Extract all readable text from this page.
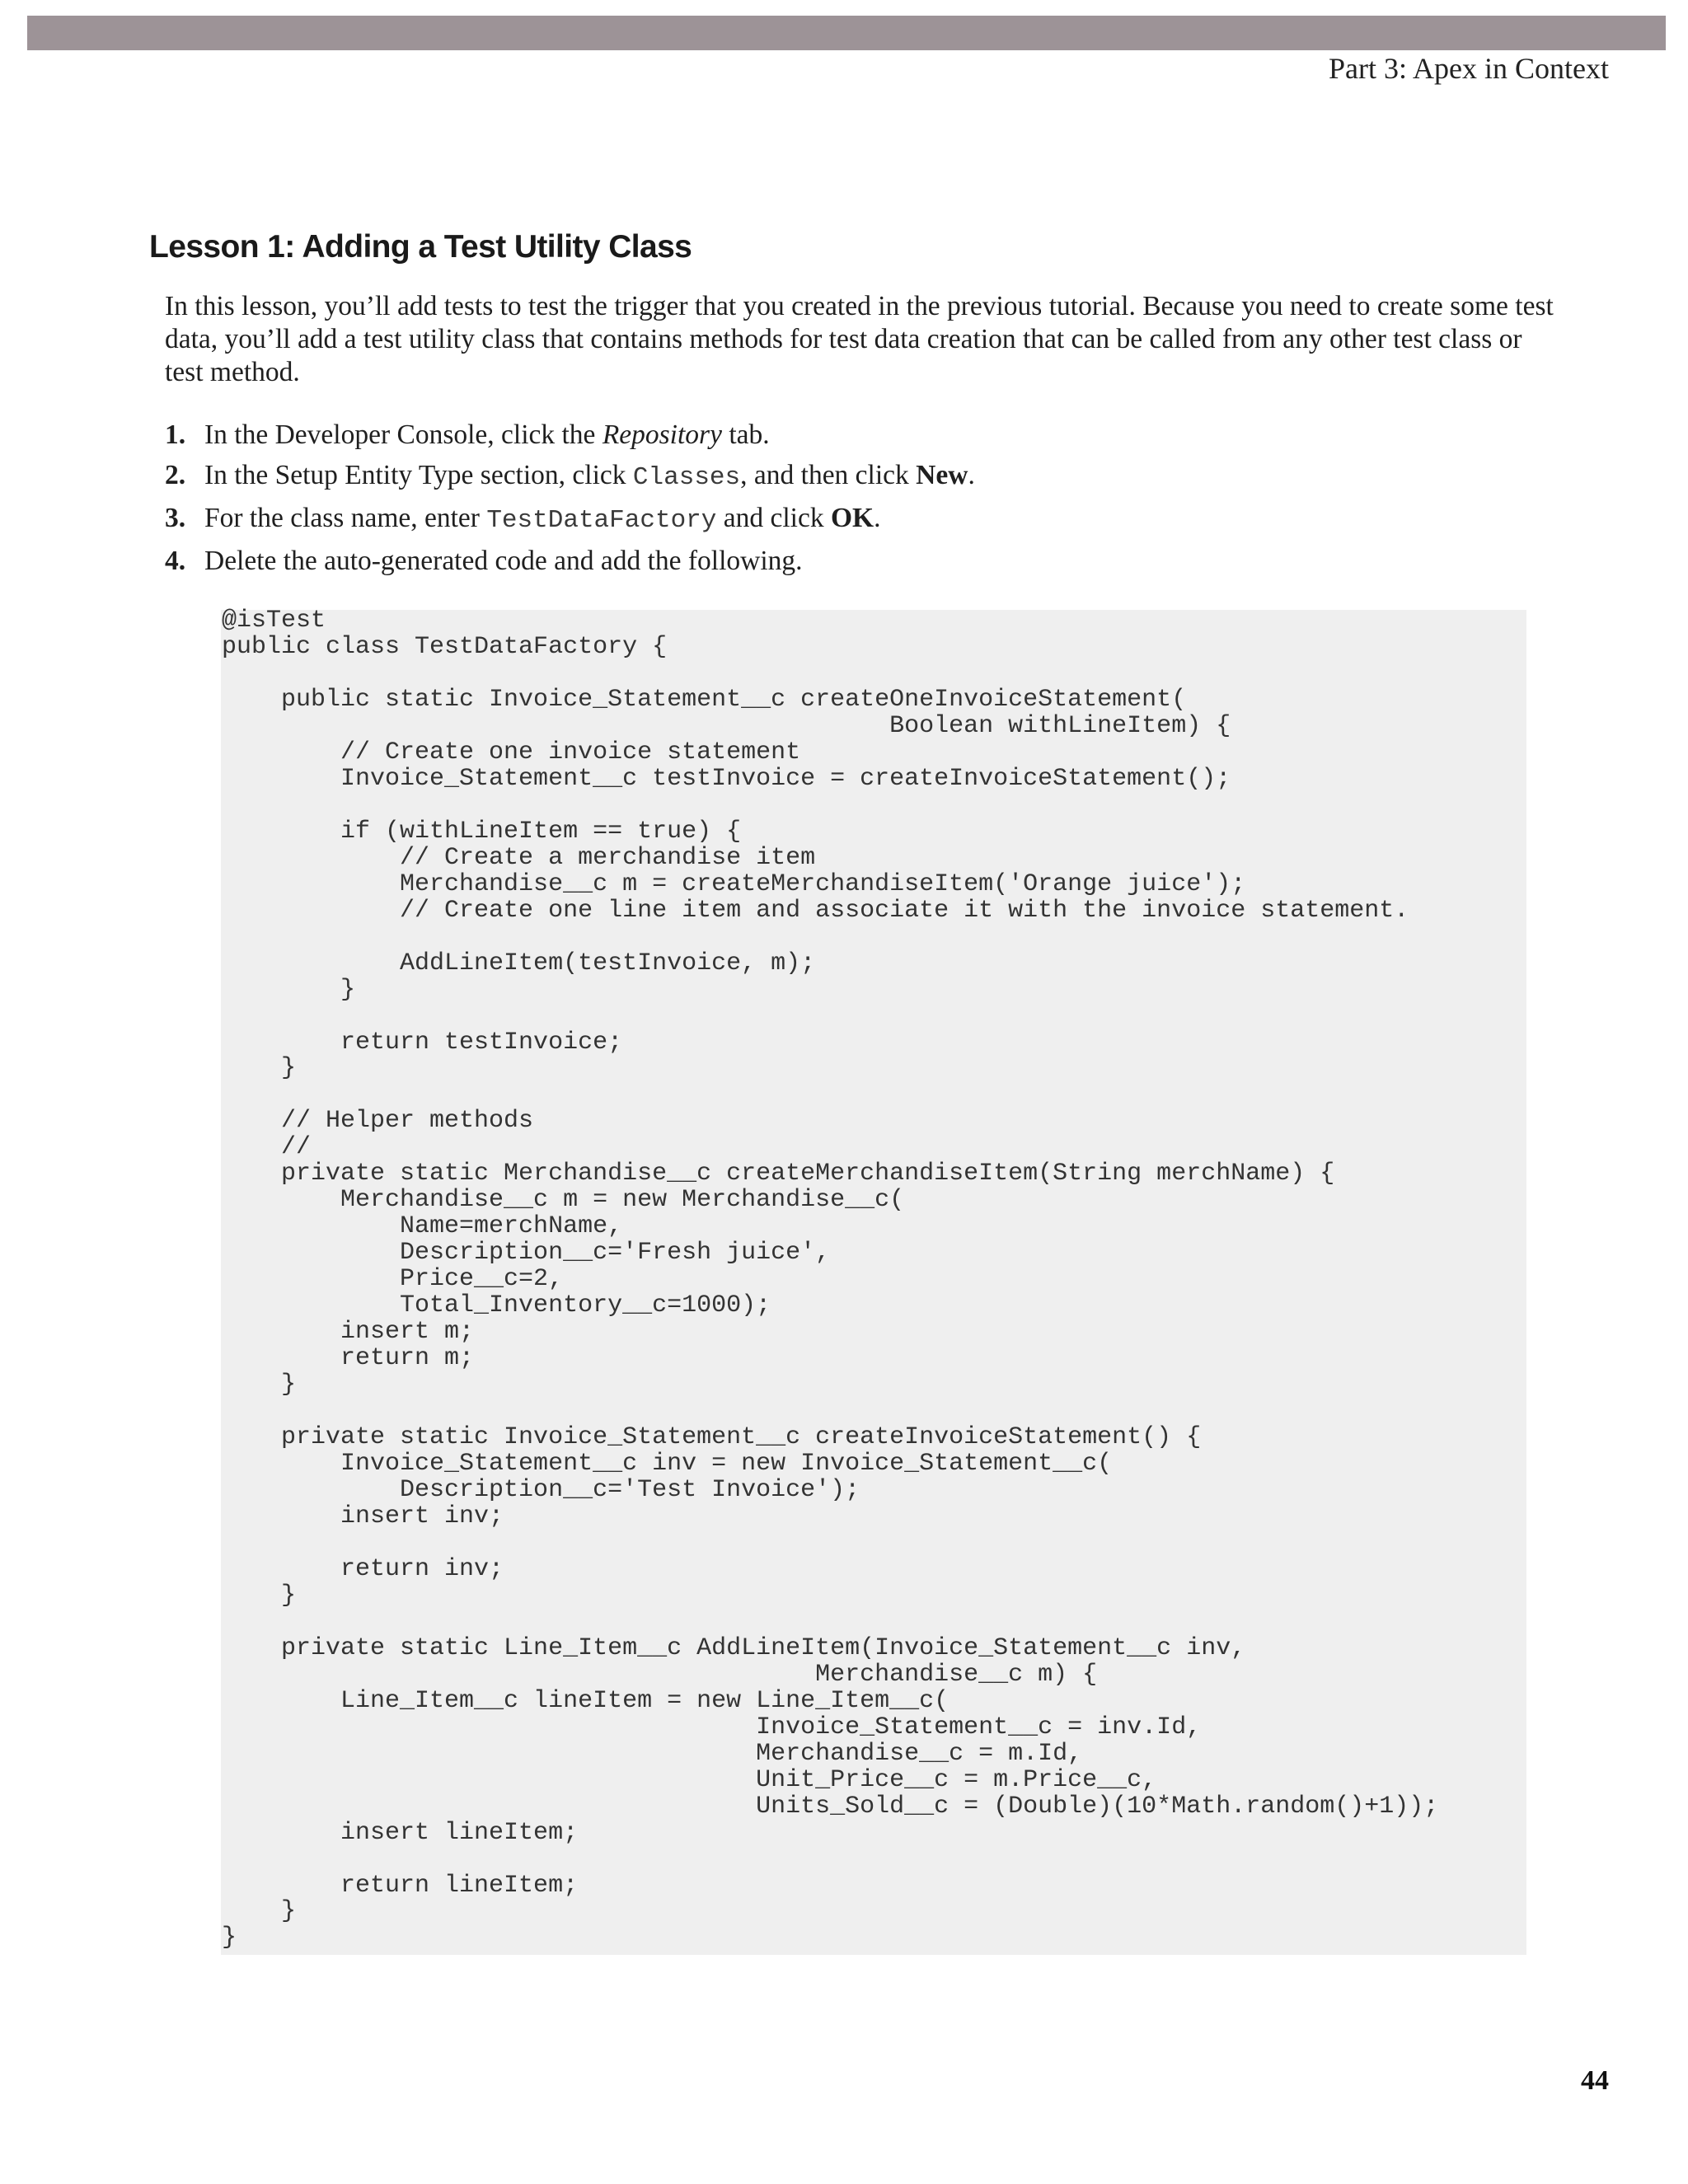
Part 3: Apex in Context
Lesson 1: Adding a Test Utility Class

In this lesson, you’ll add tests to test the trigger that you created in the previous tutorial. Because you need to create some test data, you’ll add a test utility class that contains methods for test data creation that can be called from any other test class or test method.

1. In the Developer Console, click the Repository tab.
2. In the Setup Entity Type section, click Classes, and then click New.
3. For the class name, enter TestDataFactory and click OK.
4. Delete the auto-generated code and add the following.
@isTest
public class TestDataFactory {

public static Invoice_Statement__c createOneInvoiceStatement(
Boolean withLineItem) {
// Create one invoice statement
Invoice_Statement__c testInvoice = createInvoiceStatement();

if (withLineItem == true) {
// Create a merchandise item
Merchandise__c m = createMerchandiseItem('Orange juice');
// Create one line item and associate it with the invoice statement.

AddLineItem(testInvoice, m);
}

return testInvoice;
}

// Helper methods
//
private static Merchandise__c createMerchandiseItem(String merchName) {
Merchandise__c m = new Merchandise__c(
Name=merchName,
Description__c='Fresh juice',
Price__c=2,
Total_Inventory__c=1000);
insert m;
return m;
}

private static Invoice_Statement__c createInvoiceStatement() {
Invoice_Statement__c inv = new Invoice_Statement__c(
Description__c='Test Invoice');
insert inv;

return inv;
}

private static Line_Item__c AddLineItem(Invoice_Statement__c inv,
Merchandise__c m) {
Line_Item__c lineItem = new Line_Item__c(
Invoice_Statement__c = inv.Id,
Merchandise__c = m.Id,
Unit_Price__c = m.Price__c,
Units_Sold__c = (Double)(10*Math.random()+1));
insert lineItem;

return lineItem;
}
}
44
